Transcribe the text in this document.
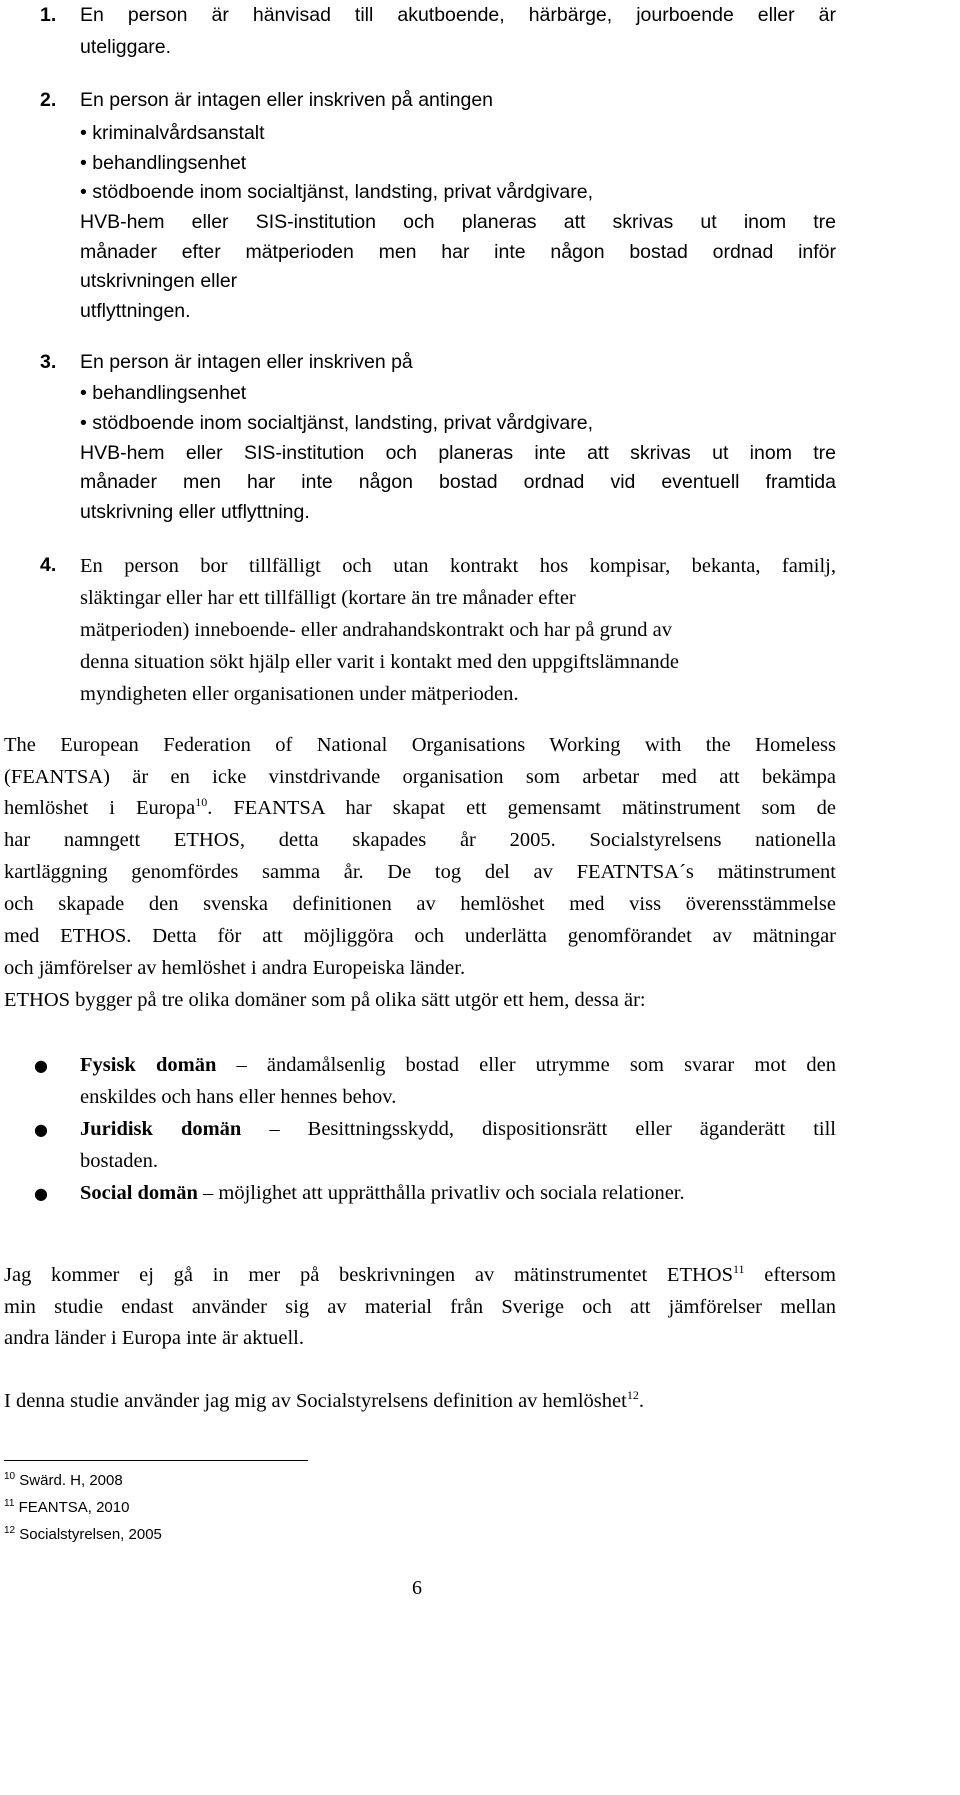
1. En person är hänvisad till akutboende, härbärge, jourboende eller är
uteliggare.
2. En person är intagen eller inskriven på antingen
• kriminalvårdsanstalt
• behandlingsenhet
• stödboende inom socialtjänst, landsting, privat vårdgivare,
HVB-hem eller SIS-institution och planeras att skrivas ut inom tre
månader efter mätperioden men har inte någon bostad ordnad inför
utskrivningen eller
utflyttningen.
3. En person är intagen eller inskriven på
• behandlingsenhet
• stödboende inom socialtjänst, landsting, privat vårdgivare,
HVB-hem eller SIS-institution och planeras inte att skrivas ut inom tre
månader men har inte någon bostad ordnad vid eventuell framtida
utskrivning eller utflyttning.
4. En person bor tillfälligt och utan kontrakt hos kompisar, bekanta, familj,
släktingar eller har ett tillfälligt (kortare än tre månader efter
mätperioden) inneboende- eller andrahandskontrakt och har på grund av
denna situation sökt hjälp eller varit i kontakt med den uppgiftslämnande
myndigheten eller organisationen under mätperioden.
The European Federation of National Organisations Working with the Homeless
(FEANTSA) är en icke vinstdrivande organisation som arbetar med att bekämpa
hemlöshet i Europa$^{10}$. FEANTSA har skapat ett gemensamt mätinstrument som de
har namngett ETHOS, detta skapades år 2005. Socialstyrelsens nationella
kartläggning genomfördes samma år. De tog del av FEATNTSA´s mätinstrument
och skapade den svenska definitionen av hemlöshet med viss överensstämmelse
med ETHOS. Detta för att möjliggöra och underlätta genomförandet av mätningar
och jämförelser av hemlöshet i andra Europeiska länder.
ETHOS bygger på tre olika domäner som på olika sätt utgör ett hem, dessa är:
● Fysisk domän – ändamålsenlig bostad eller utrymme som svarar mot den
enskildes och hans eller hennes behov.
● Juridisk domän – Besittningsskydd, dispositionsrätt eller äganderätt till
bostaden.
● Social domän – möjlighet att upprätthålla privatliv och sociala relationer.
Jag kommer ej gå in mer på beskrivningen av mätinstrumentet ETHOS$^{11}$ eftersom
min studie endast använder sig av material från Sverige och att jämförelser mellan
andra länder i Europa inte är aktuell.
I denna studie använder jag mig av Socialstyrelsens definition av hemlöshet$^{12}$.
$^{10}$ Swärd. H, 2008
$^{11}$ FEANTSA, 2010
$^{12}$ Socialstyrelsen, 2005
6
